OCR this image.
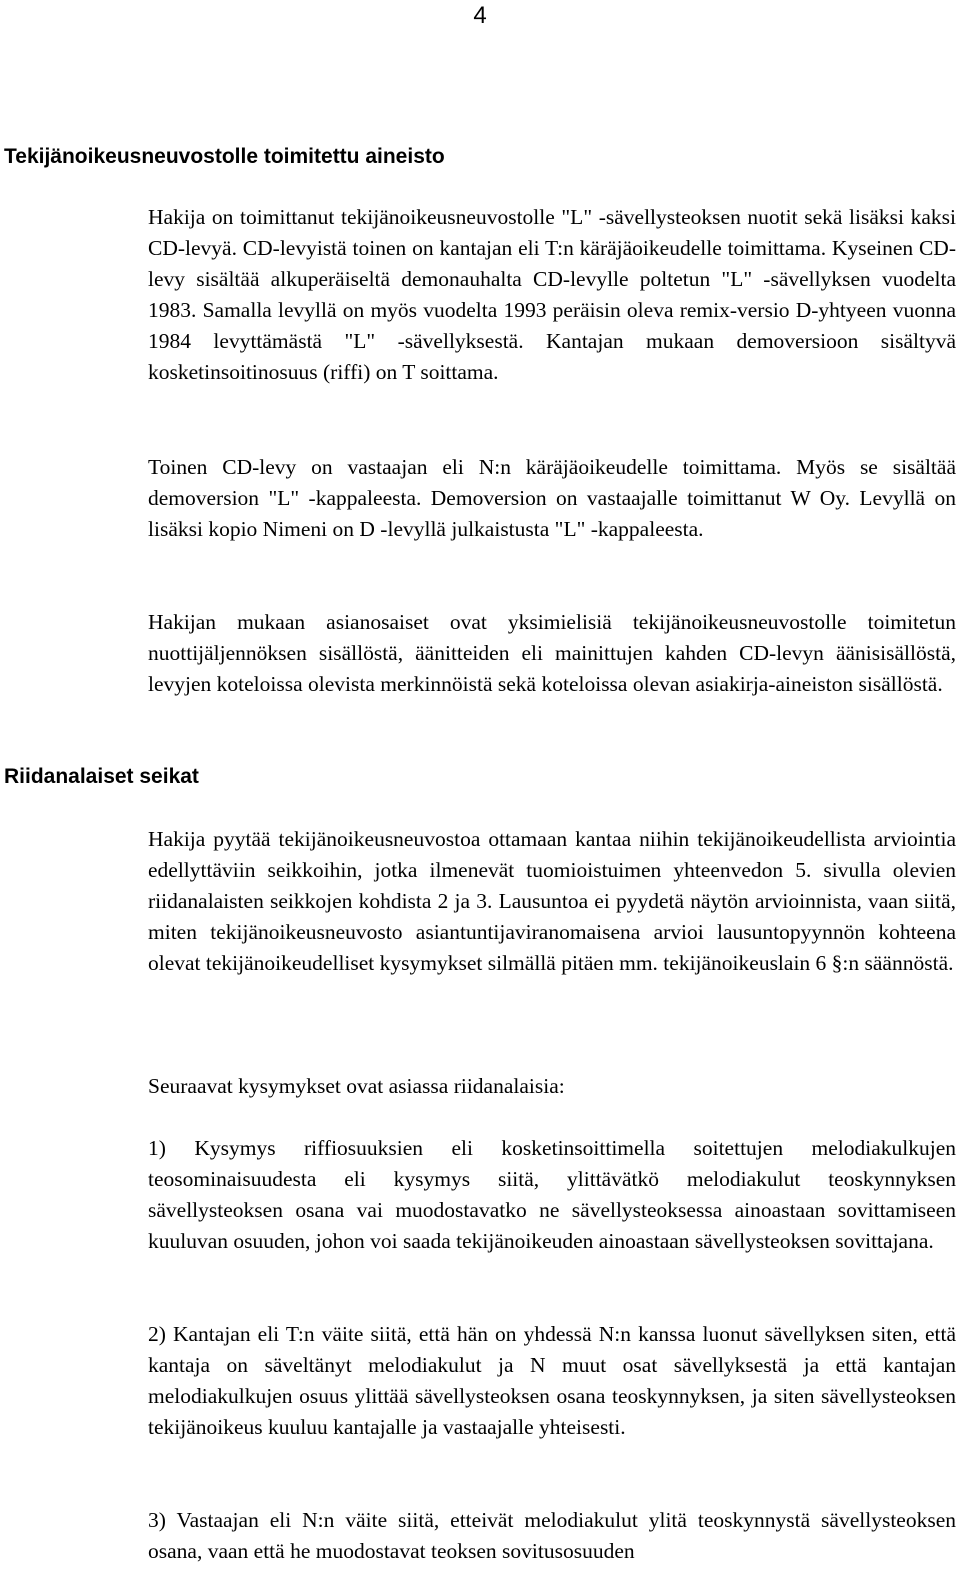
4
Tekijänoikeusneuvostolle toimitettu aineisto

Hakija on toimittanut tekijänoikeusneuvostolle "L" -sävellysteoksen nuotit sekä lisäksi kaksi CD-levyä. CD-levyistä toinen on kantajan eli T:n käräjäoikeudelle toimittama. Kyseinen CD-levy sisältää alkuperäiseltä demonauhalta CD-levylle poltetun "L" -sävellyksen vuodelta 1983. Samalla levyllä on myös vuodelta 1993 peräisin oleva remix-versio D-yhtyeen vuonna 1984 levyttämästä "L" -sävellyksestä. Kantajan mukaan demoversioon sisältyvä kosketinsoitinosuus (riffi) on T soittama.

Toinen CD-levy on vastaajan eli N:n käräjäoikeudelle toimittama. Myös se sisältää demoversion "L" -kappaleesta. Demoversion on vastaajalle toimittanut W Oy. Levyllä on lisäksi kopio Nimeni on D -levyllä julkaistusta "L" -kappaleesta.

Hakijan mukaan asianosaiset ovat yksimielisiä tekijänoikeusneuvostolle toimitetun nuottijäljennöksen sisällöstä, äänitteiden eli mainittujen kahden CD-levyn äänisisällöstä, levyjen koteloissa olevista merkinnöistä sekä koteloissa olevan asiakirja-aineiston sisällöstä.

Riidanalaiset seikat

Hakija pyytää tekijänoikeusneuvostoa ottamaan kantaa niihin tekijänoikeudellista arviointia edellyttäviin seikkoihin, jotka ilmenevät tuomioistuimen yhteenvedon 5. sivulla olevien riidanalaisten seikkojen kohdista 2 ja 3. Lausuntoa ei pyydetä näytön arvioinnista, vaan siitä, miten tekijänoikeusneuvosto asiantuntijaviranomaisena arvioi lausuntopyynnön kohteena olevat tekijänoikeudelliset kysymykset silmällä pitäen mm. tekijänoikeuslain 6 §:n säännöstä.

Seuraavat kysymykset ovat asiassa riidanalaisia:

1) Kysymys riffiosuuksien eli kosketinsoittimella soitettujen melodiakulkujen teosominaisuudesta eli kysymys siitä, ylittävätkö melodiakulut teoskynnyksen sävellysteoksen osana vai muodostavatko ne sävellysteoksessa ainoastaan sovittamiseen kuuluvan osuuden, johon voi saada tekijänoikeuden ainoastaan sävellysteoksen sovittajana.

2) Kantajan eli T:n väite siitä, että hän on yhdessä N:n kanssa luonut sävellyksen siten, että kantaja on säveltänyt melodiakulut ja N muut osat sävellyksestä ja että kantajan melodiakulkujen osuus ylittää sävellysteoksen osana teoskynnyksen, ja siten sävellysteoksen tekijänoikeus kuuluu kantajalle ja vastaajalle yhteisesti.

3) Vastaajan eli N:n väite siitä, etteivät melodiakulut ylitä teoskynnystä sävellysteoksen osana, vaan että he muodostavat teoksen sovitusosuuden
